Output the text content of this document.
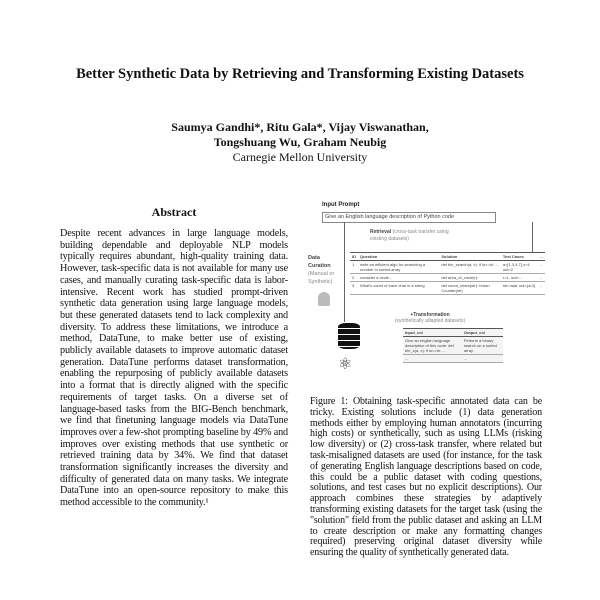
Better Synthetic Data by Retrieving and Transforming Existing Datasets
Saumya Gandhi*, Ritu Gala*, Vijay Viswanathan,
Tongshuang Wu, Graham Neubig
Carnegie Mellon University
Abstract
Despite recent advances in large language models, building dependable and deployable NLP models typically requires abundant, high-quality training data. However, task-specific data is not available for many use cases, and manually curating task-specific data is labor-intensive. Recent work has studied prompt-driven synthetic data generation using large language models, but these generated datasets tend to lack complexity and diversity. To address these limitations, we introduce a method, DataTune, to make better use of existing, publicly available datasets to improve automatic dataset generation. DataTune performs dataset transformation, enabling the repurposing of publicly available datasets into a format that is directly aligned with the specific requirements of target tasks. On a diverse set of language-based tasks from the BIG-Bench benchmark, we find that finetuning language models via DataTune improves over a few-shot prompting baseline by 49% and improves over existing methods that use synthetic or retrieved training data by 34%. We find that dataset transformation significantly increases the diversity and difficulty of generated data on many tasks. We integrate DataTune into an open-source repository to make this method accessible to the community.¹
Input Prompt
Give an English language description of Python code
Retrieval (cross-task transfer using existing datasets)
Data Curation (Manual or Synthetic)
ID	Question	Solution	Test Cases	...
1	write an efficient algo for searching a number in sorted array	def bin_search(a, x): if lo<=hi: ...	a=[1,3,4,7],x=4 out=2	...
2	consider a circle...	def area_of_circle(r):	r=1, out=...	...
3	What's count of each char in a string	def count_chars(str): return Counter(str)	str='aaa' out={a:3}	...
+Transformation
(synthetically adapted datasets)
⚛
Input_col	Output_col
Give an english language description of this code: def bin_s(a, x): if lo<=hi: ...	Perform a binary search on a sorted array
...	...
Figure 1: Obtaining task-specific annotated data can be tricky. Existing solutions include (1) data generation methods either by employing human annotators (incurring high costs) or synthetically, such as using LLMs (risking low diversity) or (2) cross-task transfer, where related but task-misaligned datasets are used (for instance, for the task of generating English language descriptions based on code, this could be a public dataset with coding questions, solutions, and test cases but no explicit descriptions). Our approach combines these strategies by adaptively transforming existing datasets for the target task (using the "solution" field from the public dataset and asking an LLM to create description or make any formatting changes required) preserving original dataset diversity while ensuring the quality of synthetically generated data.
